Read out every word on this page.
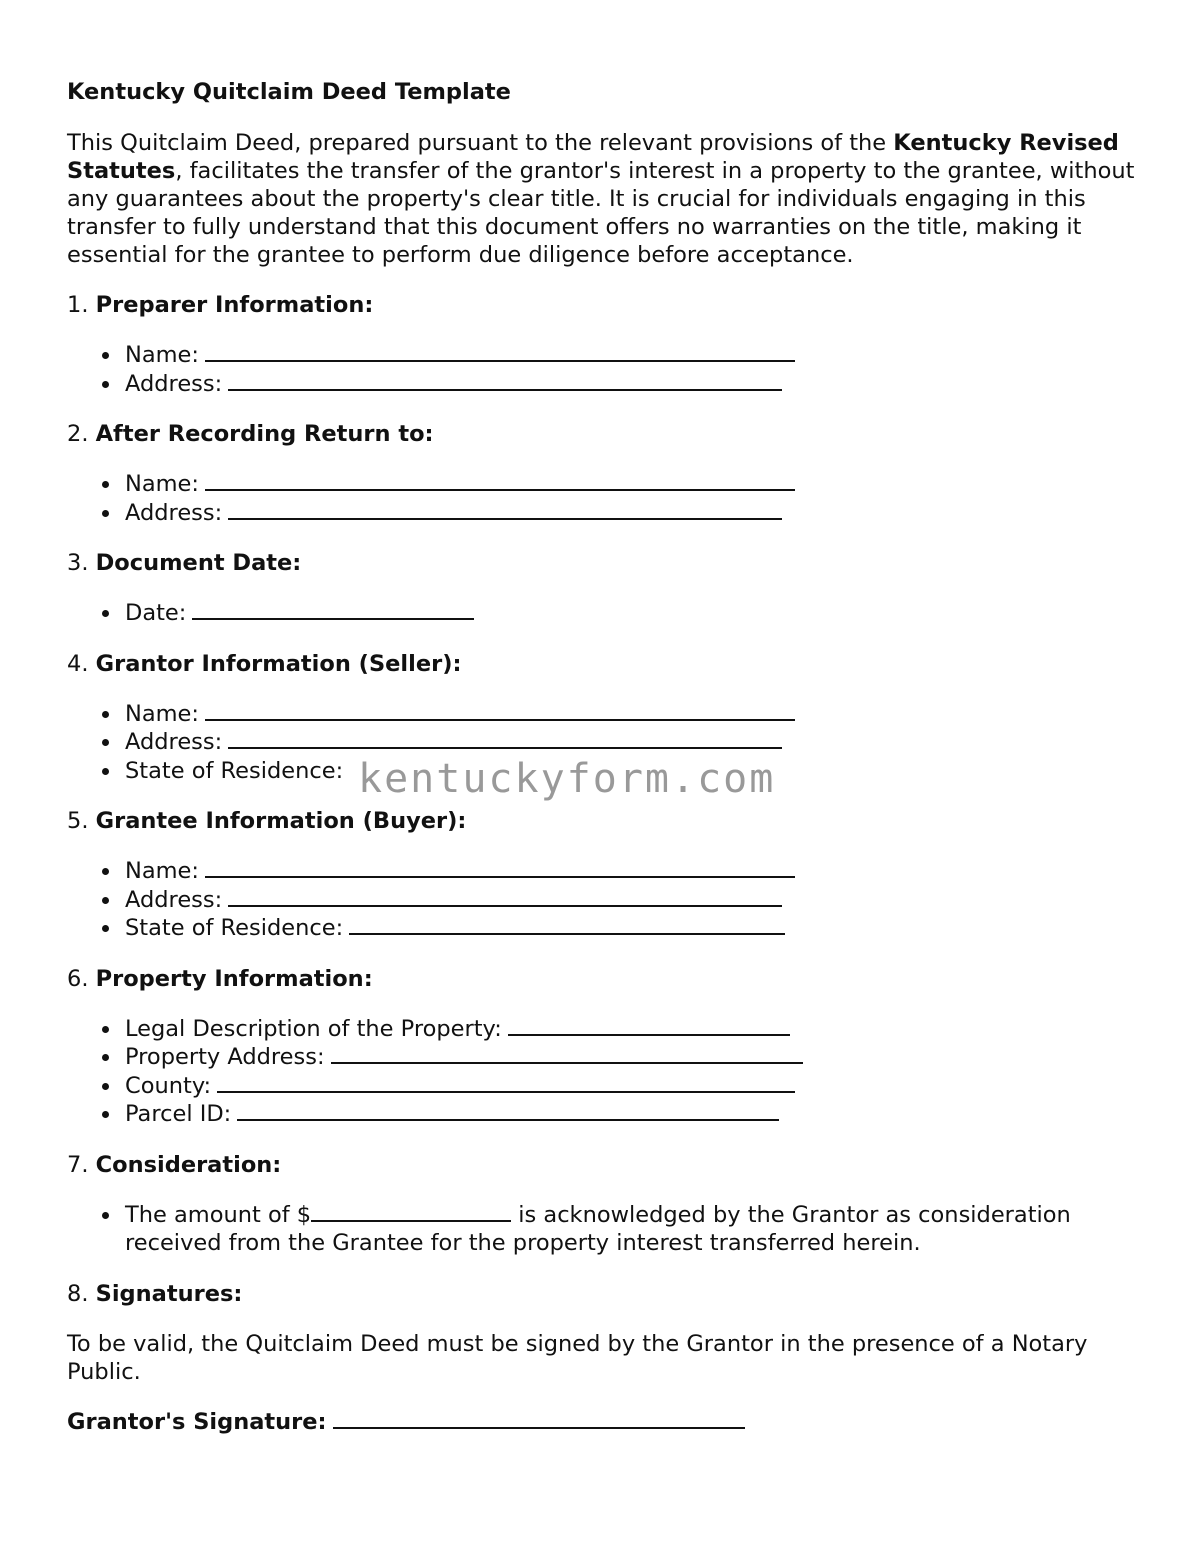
Kentucky Quitclaim Deed Template

This Quitclaim Deed, prepared pursuant to the relevant provisions of the Kentucky Revised Statutes, facilitates the transfer of the grantor's interest in a property to the grantee, without any guarantees about the property's clear title. It is crucial for individuals engaging in this transfer to fully understand that this document offers no warranties on the title, making it essential for the grantee to perform due diligence before acceptance.

1. Preparer Information:

Name:
Address:

2. After Recording Return to:

Name:
Address:

3. Document Date:

Date:

4. Grantor Information (Seller):

Name:
Address:
State of Residence:

5. Grantee Information (Buyer):

Name:
Address:
State of Residence:

6. Property Information:

Legal Description of the Property:
Property Address:
County:
Parcel ID:

7. Consideration:

The amount of $	is acknowledged by the Grantor as consideration received from the Grantee for the property interest transferred herein.

8. Signatures:

To be valid, the Quitclaim Deed must be signed by the Grantor in the presence of a Notary Public.

Grantor's Signature:

kentuckyform.com
